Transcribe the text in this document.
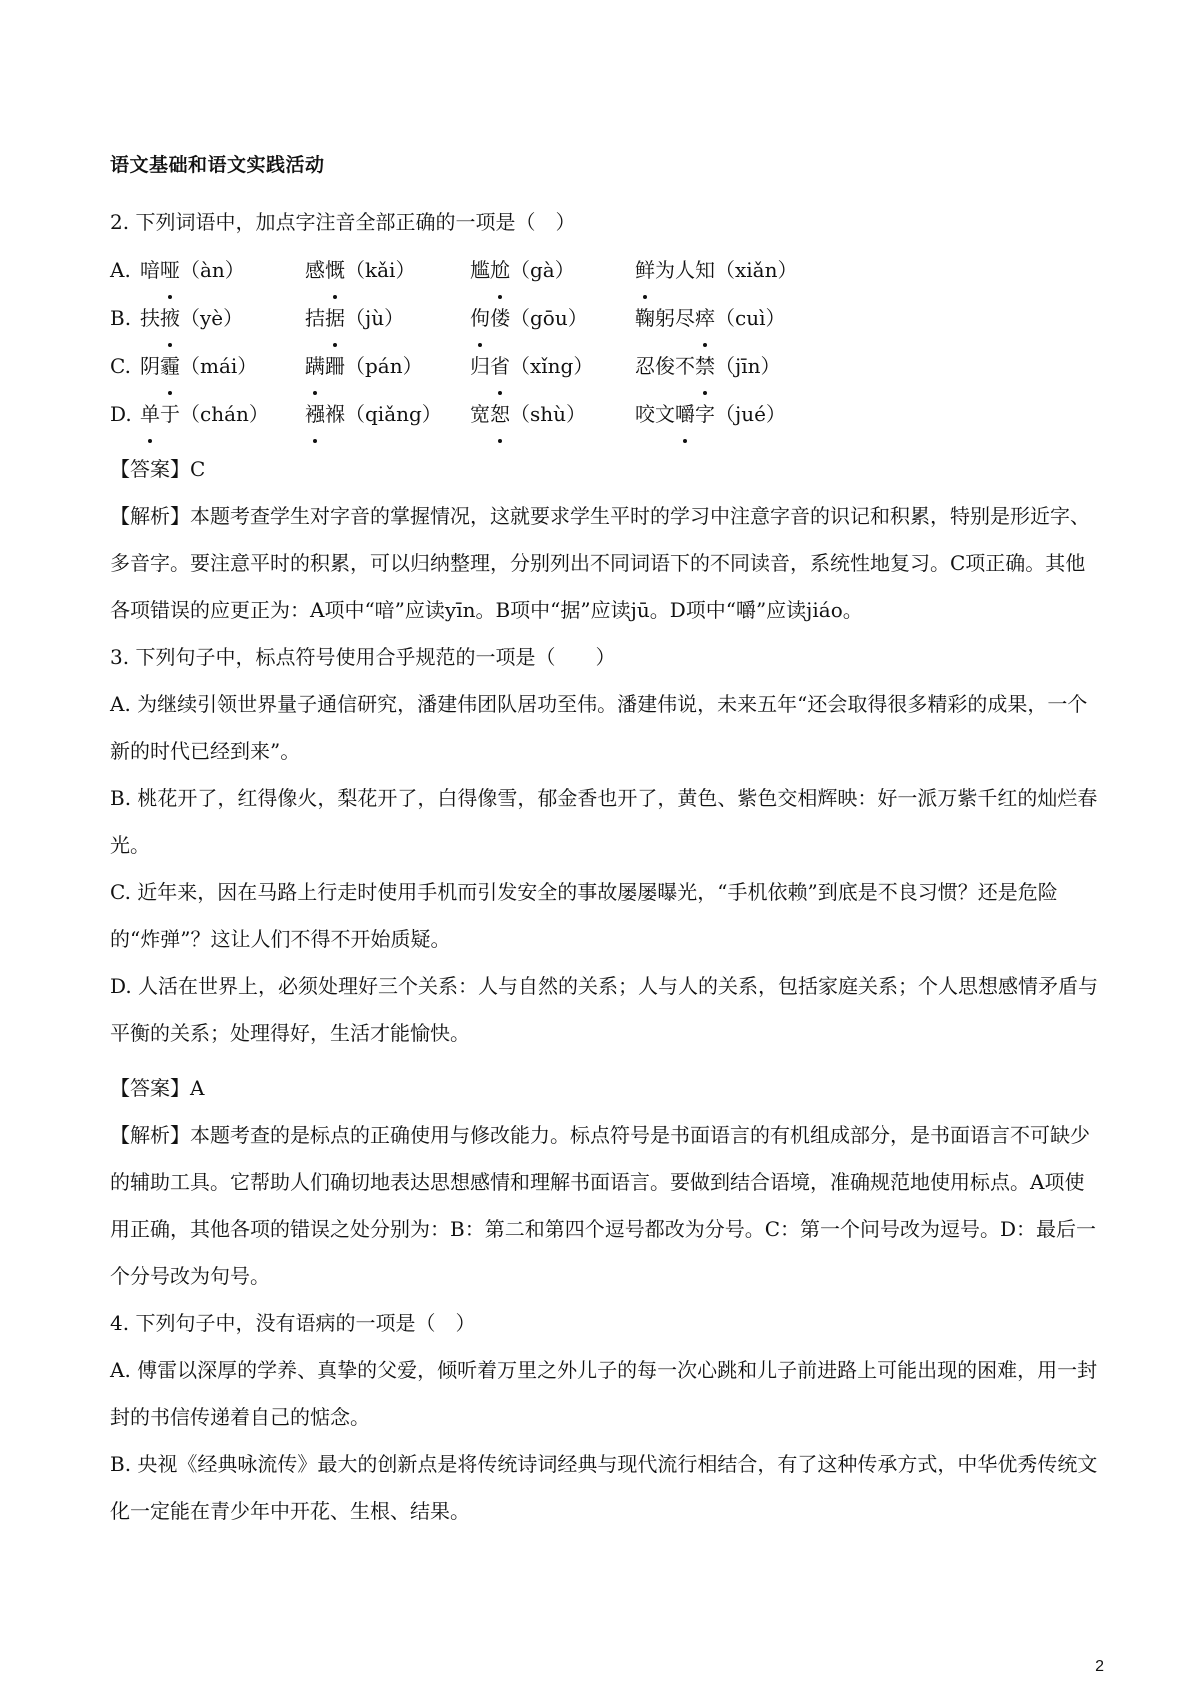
语文基础和语文实践活动

2. 下列词语中，加点字注音全部正确的一项是（　）

A. 喑哑（àn）	感慨（kǎi）	尴尬（gà）	鲜为人知（xiǎn）
B. 扶掖（yè）	拮据（jù）	佝偻（gōu）	鞠躬尽瘁（cuì）
C. 阴霾（mái）	蹒跚（pán）	归省（xǐng）	忍俊不禁（jīn）
D. 单于（chán）	襁褓（qiǎng）	宽恕（shù）	咬文嚼字（jué）

【答案】C

【解析】本题考查学生对字音的掌握情况，这就要求学生平时的学习中注意字音的识记和积累，特别是形近字、多音字。要注意平时的积累，可以归纳整理，分别列出不同词语下的不同读音，系统性地复习。C项正确。其他各项错误的应更正为：A项中“喑”应读yīn。B项中“据”应读jū。D项中“嚼”应读jiáo。

3. 下列句子中，标点符号使用合乎规范的一项是（　　）

A. 为继续引领世界量子通信研究，潘建伟团队居功至伟。潘建伟说，未来五年“还会取得很多精彩的成果，一个新的时代已经到来”。

B. 桃花开了，红得像火，梨花开了，白得像雪，郁金香也开了，黄色、紫色交相辉映：好一派万紫千红的灿烂春光。

C. 近年来，因在马路上行走时使用手机而引发安全的事故屡屡曝光，“手机依赖”到底是不良习惯？还是危险的“炸弹”？这让人们不得不开始质疑。

D. 人活在世界上，必须处理好三个关系：人与自然的关系；人与人的关系，包括家庭关系；个人思想感情矛盾与平衡的关系；处理得好，生活才能愉快。

【答案】A

【解析】本题考查的是标点的正确使用与修改能力。标点符号是书面语言的有机组成部分，是书面语言不可缺少的辅助工具。它帮助人们确切地表达思想感情和理解书面语言。要做到结合语境，准确规范地使用标点。A项使用正确，其他各项的错误之处分别为：B：第二和第四个逗号都改为分号。C：第一个问号改为逗号。D：最后一个分号改为句号。

4. 下列句子中，没有语病的一项是（　）

A. 傅雷以深厚的学养、真挚的父爱，倾听着万里之外儿子的每一次心跳和儿子前进路上可能出现的困难，用一封封的书信传递着自己的惦念。

B. 央视《经典咏流传》最大的创新点是将传统诗词经典与现代流行相结合，有了这种传承方式，中华优秀传统文化一定能在青少年中开花、生根、结果。

2
